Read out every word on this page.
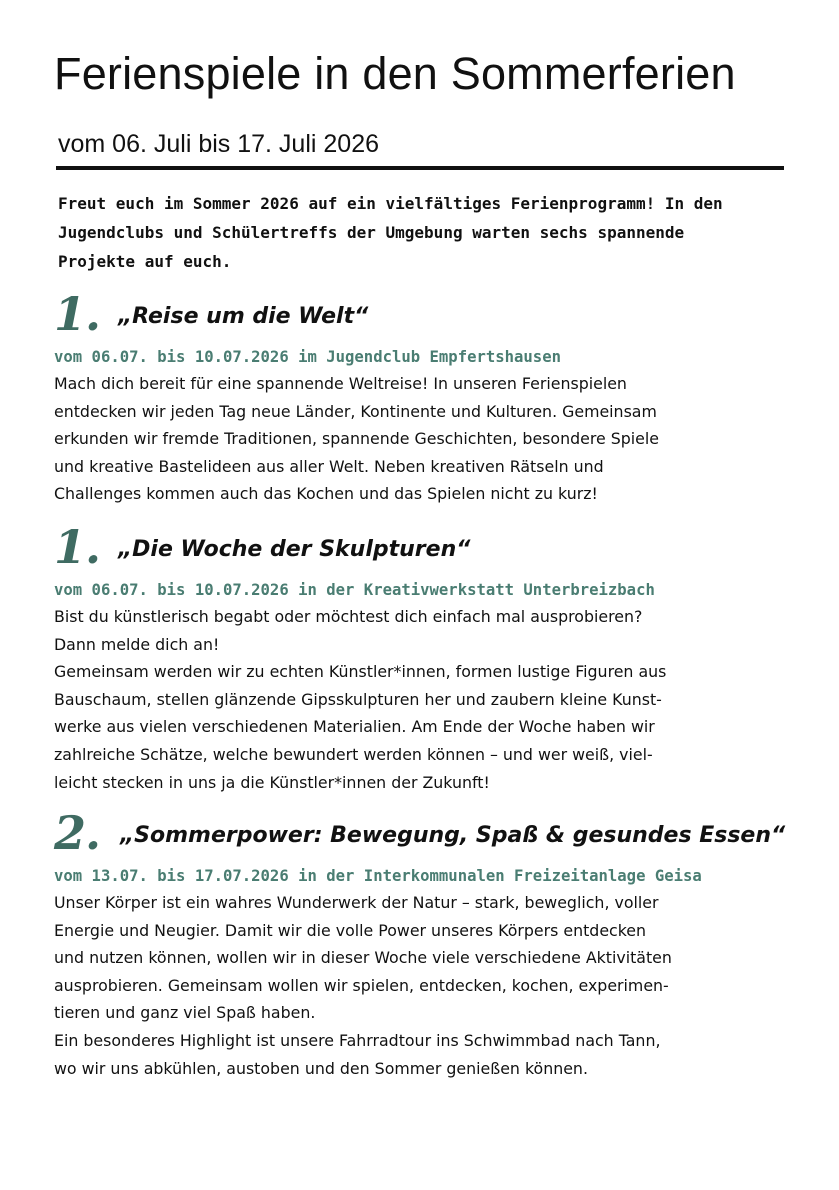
Ferienspiele in den Sommerferien
vom 06. Juli bis 17. Juli 2026

Freut euch im Sommer 2026 auf ein vielfältiges Ferienprogramm! In den

Jugendclubs und Schülertreffs der Umgebung warten sechs spannende

Projekte auf euch.

1. „Reise um die Welt“
vom 06.07. bis 10.07.2026 im Jugendclub Empfertshausen

Mach dich bereit für eine spannende Weltreise! In unseren Ferienspielen

entdecken wir jeden Tag neue Länder, Kontinente und Kulturen. Gemeinsam

erkunden wir fremde Traditionen, spannende Geschichten, besondere Spiele

und kreative Bastelideen aus aller Welt. Neben kreativen Rätseln und

Challenges kommen auch das Kochen und das Spielen nicht zu kurz!

1. „Die Woche der Skulpturen“
vom 06.07. bis 10.07.2026 in der Kreativwerkstatt Unterbreizbach

Bist du künstlerisch begabt oder möchtest dich einfach mal ausprobieren?

Dann melde dich an!

Gemeinsam werden wir zu echten Künstler*innen, formen lustige Figuren aus

Bauschaum, stellen glänzende Gipsskulpturen her und zaubern kleine Kunst-

werke aus vielen verschiedenen Materialien. Am Ende der Woche haben wir

zahlreiche Schätze, welche bewundert werden können – und wer weiß, viel-

leicht stecken in uns ja die Künstler*innen der Zukunft!

2. „Sommerpower: Bewegung, Spaß & gesundes Essen“
vom 13.07. bis 17.07.2026 in der Interkommunalen Freizeitanlage Geisa

Unser Körper ist ein wahres Wunderwerk der Natur – stark, beweglich, voller

Energie und Neugier. Damit wir die volle Power unseres Körpers entdecken

und nutzen können, wollen wir in dieser Woche viele verschiedene Aktivitäten

ausprobieren. Gemeinsam wollen wir spielen, entdecken, kochen, experimen-

tieren und ganz viel Spaß haben.

Ein besonderes Highlight ist unsere Fahrradtour ins Schwimmbad nach Tann,

wo wir uns abkühlen, austoben und den Sommer genießen können.
